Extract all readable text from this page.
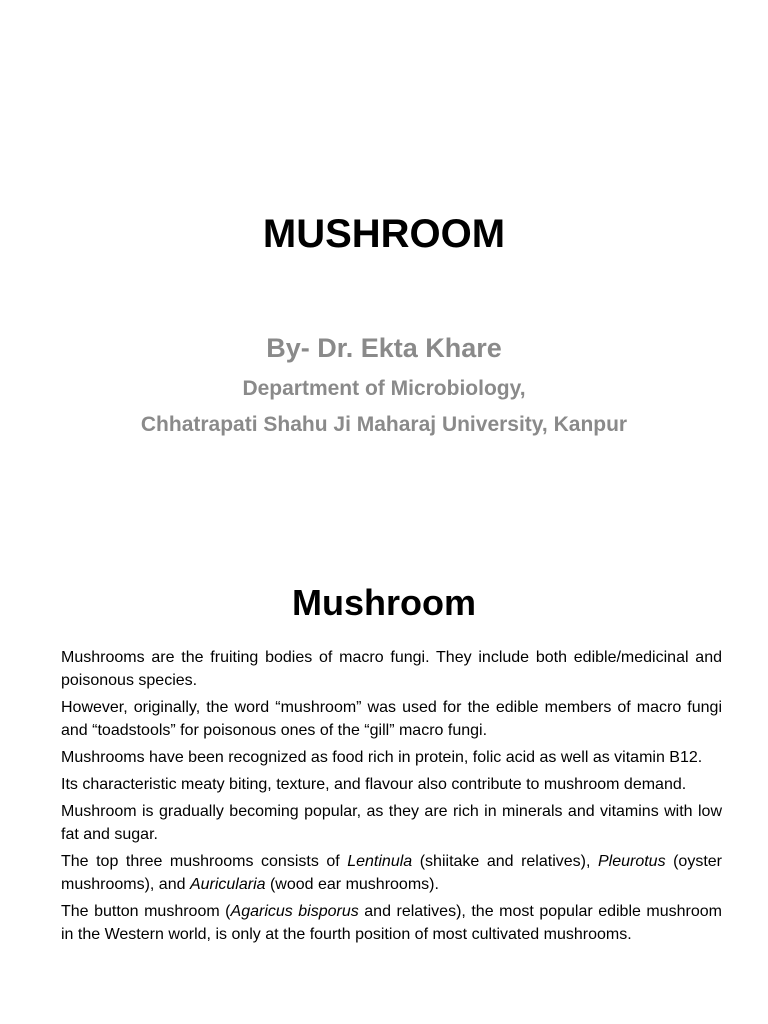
MUSHROOM
By- Dr. Ekta Khare
Department of Microbiology,
Chhatrapati Shahu Ji Maharaj University, Kanpur
Mushroom

Mushrooms are the fruiting bodies of macro fungi. They include both edible/medicinal and poisonous species.

However, originally, the word “mushroom” was used for the edible members of macro fungi and “toadstools” for poisonous ones of the “gill” macro fungi.

Mushrooms have been recognized as food rich in protein, folic acid as well as vitamin B12.

Its characteristic meaty biting, texture, and flavour also contribute to mushroom demand.

Mushroom is gradually becoming popular, as they are rich in minerals and vitamins with low fat and sugar.

The top three mushrooms consists of Lentinula (shiitake and relatives), Pleurotus (oyster mushrooms), and Auricularia (wood ear mushrooms).

The button mushroom (Agaricus bisporus and relatives), the most popular edible mushroom in the Western world, is only at the fourth position of most cultivated mushrooms.
